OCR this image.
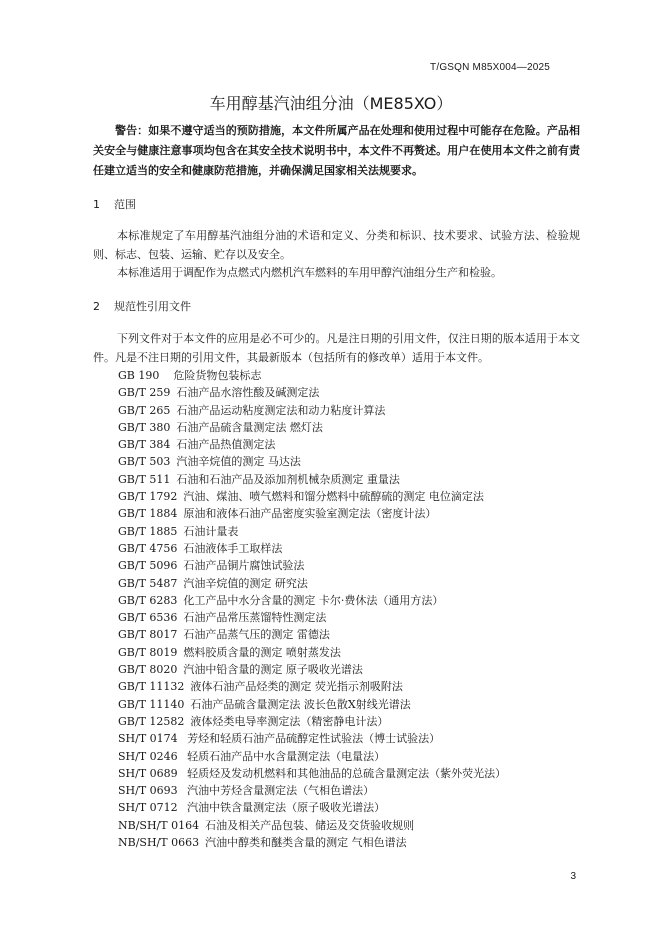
T/GSQN M85X004—2025
车用醇基汽油组分油（ME85XO）
警告：如果不遵守适当的预防措施，本文件所属产品在处理和使用过程中可能存在危险。产品相关安全与健康注意事项均包含在其安全技术说明书中，本文件不再赘述。用户在使用本文件之前有责任建立适当的安全和健康防范措施，并确保满足国家相关法规要求。
1 范围
本标准规定了车用醇基汽油组分油的术语和定义、分类和标识、技术要求、试验方法、检验规则、标志、包装、运输、贮存以及安全。
本标准适用于调配作为点燃式内燃机汽车燃料的车用甲醇汽油组分生产和检验。
2 规范性引用文件
下列文件对于本文件的应用是必不可少的。凡是注日期的引用文件，仅注日期的版本适用于本文件。凡是不注日期的引用文件，其最新版本（包括所有的修改单）适用于本文件。
GB 190 危险货物包装标志
GB/T 259 石油产品水溶性酸及碱测定法
GB/T 265 石油产品运动粘度测定法和动力粘度计算法
GB/T 380 石油产品硫含量测定法 燃灯法
GB/T 384 石油产品热值测定法
GB/T 503 汽油辛烷值的测定 马达法
GB/T 511 石油和石油产品及添加剂机械杂质测定 重量法
GB/T 1792 汽油、煤油、喷气燃料和馏分燃料中硫醇硫的测定 电位滴定法
GB/T 1884 原油和液体石油产品密度实验室测定法（密度计法）
GB/T 1885 石油计量表
GB/T 4756 石油液体手工取样法
GB/T 5096 石油产品铜片腐蚀试验法
GB/T 5487 汽油辛烷值的测定 研究法
GB/T 6283 化工产品中水分含量的测定 卡尔·费休法（通用方法）
GB/T 6536 石油产品常压蒸馏特性测定法
GB/T 8017 石油产品蒸气压的测定 雷德法
GB/T 8019 燃料胶质含量的测定 喷射蒸发法
GB/T 8020 汽油中铅含量的测定 原子吸收光谱法
GB/T 11132 液体石油产品烃类的测定 荧光指示剂吸附法
GB/T 11140 石油产品硫含量测定法 波长色散X射线光谱法
GB/T 12582 液体烃类电导率测定法（精密静电计法）
SH/T 0174 芳烃和轻质石油产品硫醇定性试验法（博士试验法）
SH/T 0246 轻质石油产品中水含量测定法（电量法）
SH/T 0689 轻质烃及发动机燃料和其他油品的总硫含量测定法（紫外荧光法）
SH/T 0693 汽油中芳烃含量测定法（气相色谱法）
SH/T 0712 汽油中铁含量测定法（原子吸收光谱法）
NB/SH/T 0164 石油及相关产品包装、储运及交货验收规则
NB/SH/T 0663 汽油中醇类和醚类含量的测定 气相色谱法
3
